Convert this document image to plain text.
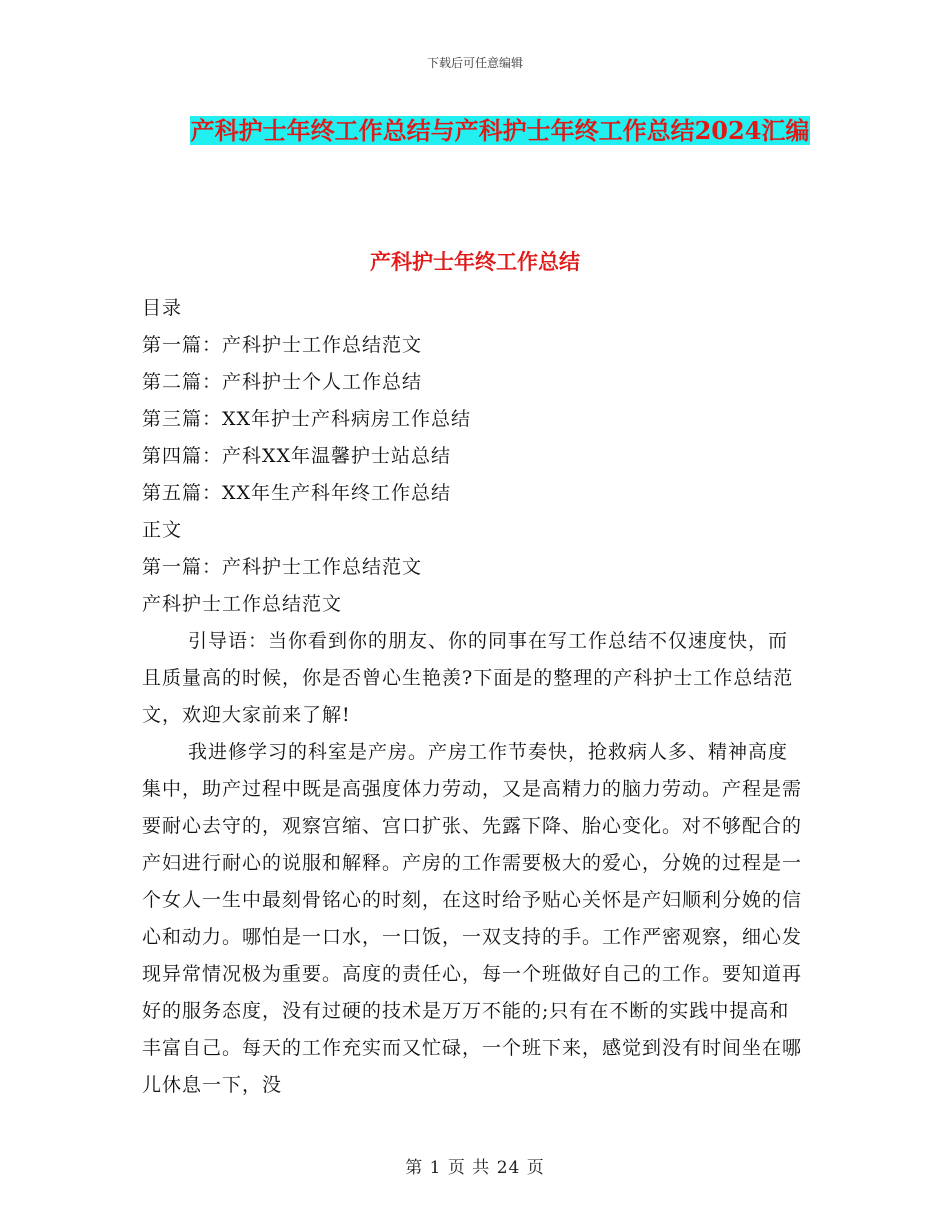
下载后可任意编辑
产科护士年终工作总结与产科护士年终工作总结2024汇编
产科护士年终工作总结

目录

第一篇：产科护士工作总结范文

第二篇：产科护士个人工作总结

第三篇：XX年护士产科病房工作总结

第四篇：产科XX年温馨护士站总结

第五篇：XX年生产科年终工作总结

正文

第一篇：产科护士工作总结范文

产科护士工作总结范文

引导语：当你看到你的朋友、你的同事在写工作总结不仅速度快，而且质量高的时候，你是否曾心生艳羡?下面是的整理的产科护士工作总结范文，欢迎大家前来了解!

我进修学习的科室是产房。产房工作节奏快，抢救病人多、精神高度集中，助产过程中既是高强度体力劳动，又是高精力的脑力劳动。产程是需要耐心去守的，观察宫缩、宫口扩张、先露下降、胎心变化。对不够配合的产妇进行耐心的说服和解释。产房的工作需要极大的爱心，分娩的过程是一个女人一生中最刻骨铭心的时刻，在这时给予贴心关怀是产妇顺利分娩的信心和动力。哪怕是一口水，一口饭，一双支持的手。工作严密观察，细心发现异常情况极为重要。高度的责任心，每一个班做好自己的工作。要知道再好的服务态度，没有过硬的技术是万万不能的;只有在不断的实践中提高和丰富自己。每天的工作充实而又忙碌，一个班下来，感觉到没有时间坐在哪儿休息一下，没

第 1 页 共 24 页
